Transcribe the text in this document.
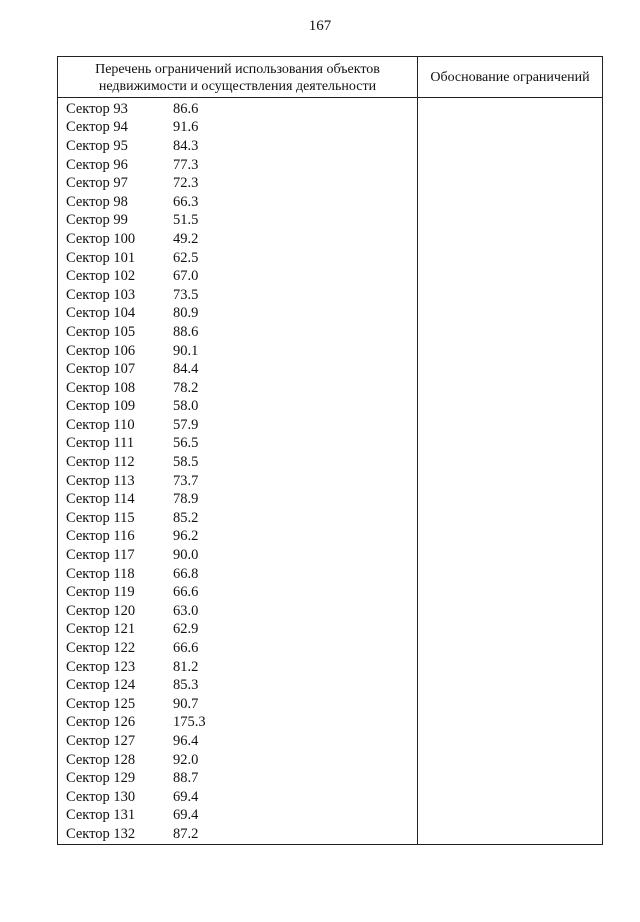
167
Перечень ограничений использования объектов недвижимости и осуществления деятельности
Обоснование ограничений
Сектор 93	86.6
Сектор 94	91.6
Сектор 95	84.3
Сектор 96	77.3
Сектор 97	72.3
Сектор 98	66.3
Сектор 99	51.5
Сектор 100	49.2
Сектор 101	62.5
Сектор 102	67.0
Сектор 103	73.5
Сектор 104	80.9
Сектор 105	88.6
Сектор 106	90.1
Сектор 107	84.4
Сектор 108	78.2
Сектор 109	58.0
Сектор 110	57.9
Сектор 111	56.5
Сектор 112	58.5
Сектор 113	73.7
Сектор 114	78.9
Сектор 115	85.2
Сектор 116	96.2
Сектор 117	90.0
Сектор 118	66.8
Сектор 119	66.6
Сектор 120	63.0
Сектор 121	62.9
Сектор 122	66.6
Сектор 123	81.2
Сектор 124	85.3
Сектор 125	90.7
Сектор 126	175.3
Сектор 127	96.4
Сектор 128	92.0
Сектор 129	88.7
Сектор 130	69.4
Сектор 131	69.4
Сектор 132	87.2
